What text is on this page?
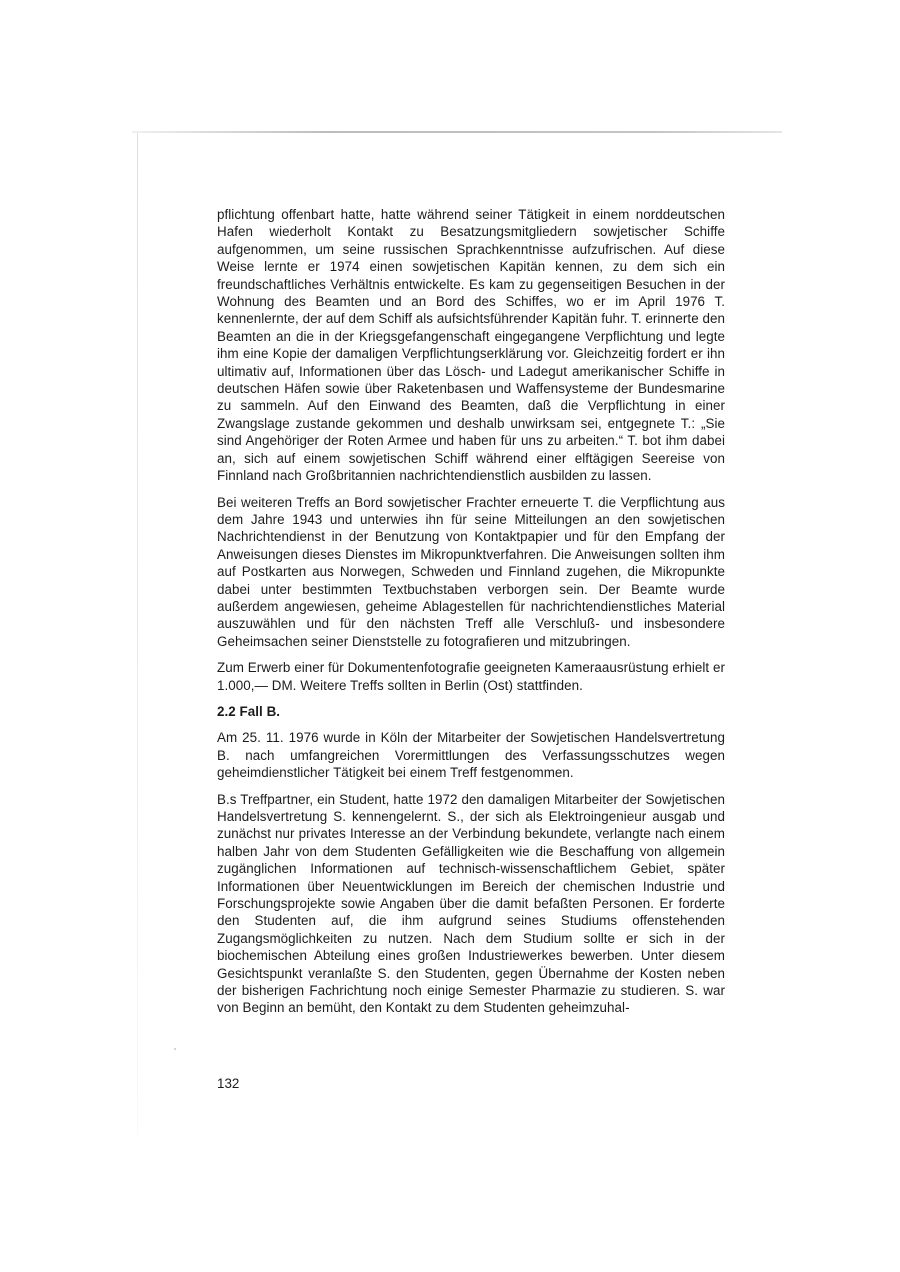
pflichtung offenbart hatte, hatte während seiner Tätigkeit in einem norddeutschen Hafen wiederholt Kontakt zu Besatzungsmitgliedern sowjetischer Schiffe aufgenommen, um seine russischen Sprachkenntnisse aufzufrischen. Auf diese Weise lernte er 1974 einen sowjetischen Kapitän kennen, zu dem sich ein freundschaftliches Verhältnis entwickelte. Es kam zu gegenseitigen Besuchen in der Wohnung des Beamten und an Bord des Schiffes, wo er im April 1976 T. kennenlernte, der auf dem Schiff als aufsichtsführender Kapitän fuhr. T. erinnerte den Beamten an die in der Kriegsgefangenschaft eingegangene Verpflichtung und legte ihm eine Kopie der damaligen Verpflichtungserklärung vor. Gleichzeitig fordert er ihn ultimativ auf, Informationen über das Lösch- und Ladegut amerikanischer Schiffe in deutschen Häfen sowie über Raketenbasen und Waffensysteme der Bundesmarine zu sammeln. Auf den Einwand des Beamten, daß die Verpflichtung in einer Zwangslage zustande gekommen und deshalb unwirksam sei, entgegnete T.: „Sie sind Angehöriger der Roten Armee und haben für uns zu arbeiten.“ T. bot ihm dabei an, sich auf einem sowjetischen Schiff während einer elftägigen Seereise von Finnland nach Großbritannien nachrichtendienstlich ausbilden zu lassen.

Bei weiteren Treffs an Bord sowjetischer Frachter erneuerte T. die Verpflichtung aus dem Jahre 1943 und unterwies ihn für seine Mitteilungen an den sowjetischen Nachrichtendienst in der Benutzung von Kontaktpapier und für den Empfang der Anweisungen dieses Dienstes im Mikropunktverfahren. Die Anweisungen sollten ihm auf Postkarten aus Norwegen, Schweden und Finnland zugehen, die Mikropunkte dabei unter bestimmten Textbuchstaben verborgen sein. Der Beamte wurde außerdem angewiesen, geheime Ablagestellen für nachrichtendienstliches Material auszuwählen und für den nächsten Treff alle Verschluß- und insbesondere Geheimsachen seiner Dienststelle zu fotografieren und mitzubringen.

Zum Erwerb einer für Dokumentenfotografie geeigneten Kameraausrüstung erhielt er 1.000,— DM. Weitere Treffs sollten in Berlin (Ost) stattfinden.

2.2 Fall B.

Am 25. 11. 1976 wurde in Köln der Mitarbeiter der Sowjetischen Handelsvertretung B. nach umfangreichen Vorermittlungen des Verfassungsschutzes wegen geheimdienstlicher Tätigkeit bei einem Treff festgenommen.

B.s Treffpartner, ein Student, hatte 1972 den damaligen Mitarbeiter der Sowjetischen Handelsvertretung S. kennengelernt. S., der sich als Elektroingenieur ausgab und zunächst nur privates Interesse an der Verbindung bekundete, verlangte nach einem halben Jahr von dem Studenten Gefälligkeiten wie die Beschaffung von allgemein zugänglichen Informationen auf technisch-wissenschaftlichem Gebiet, später Informationen über Neuentwicklungen im Bereich der chemischen Industrie und Forschungsprojekte sowie Angaben über die damit befaßten Personen. Er forderte den Studenten auf, die ihm aufgrund seines Studiums offenstehenden Zugangsmöglichkeiten zu nutzen. Nach dem Studium sollte er sich in der biochemischen Abteilung eines großen Industriewerkes bewerben. Unter diesem Gesichtspunkt veranlaßte S. den Studenten, gegen Übernahme der Kosten neben der bisherigen Fachrichtung noch einige Semester Pharmazie zu studieren. S. war von Beginn an bemüht, den Kontakt zu dem Studenten geheimzuhal-

132
